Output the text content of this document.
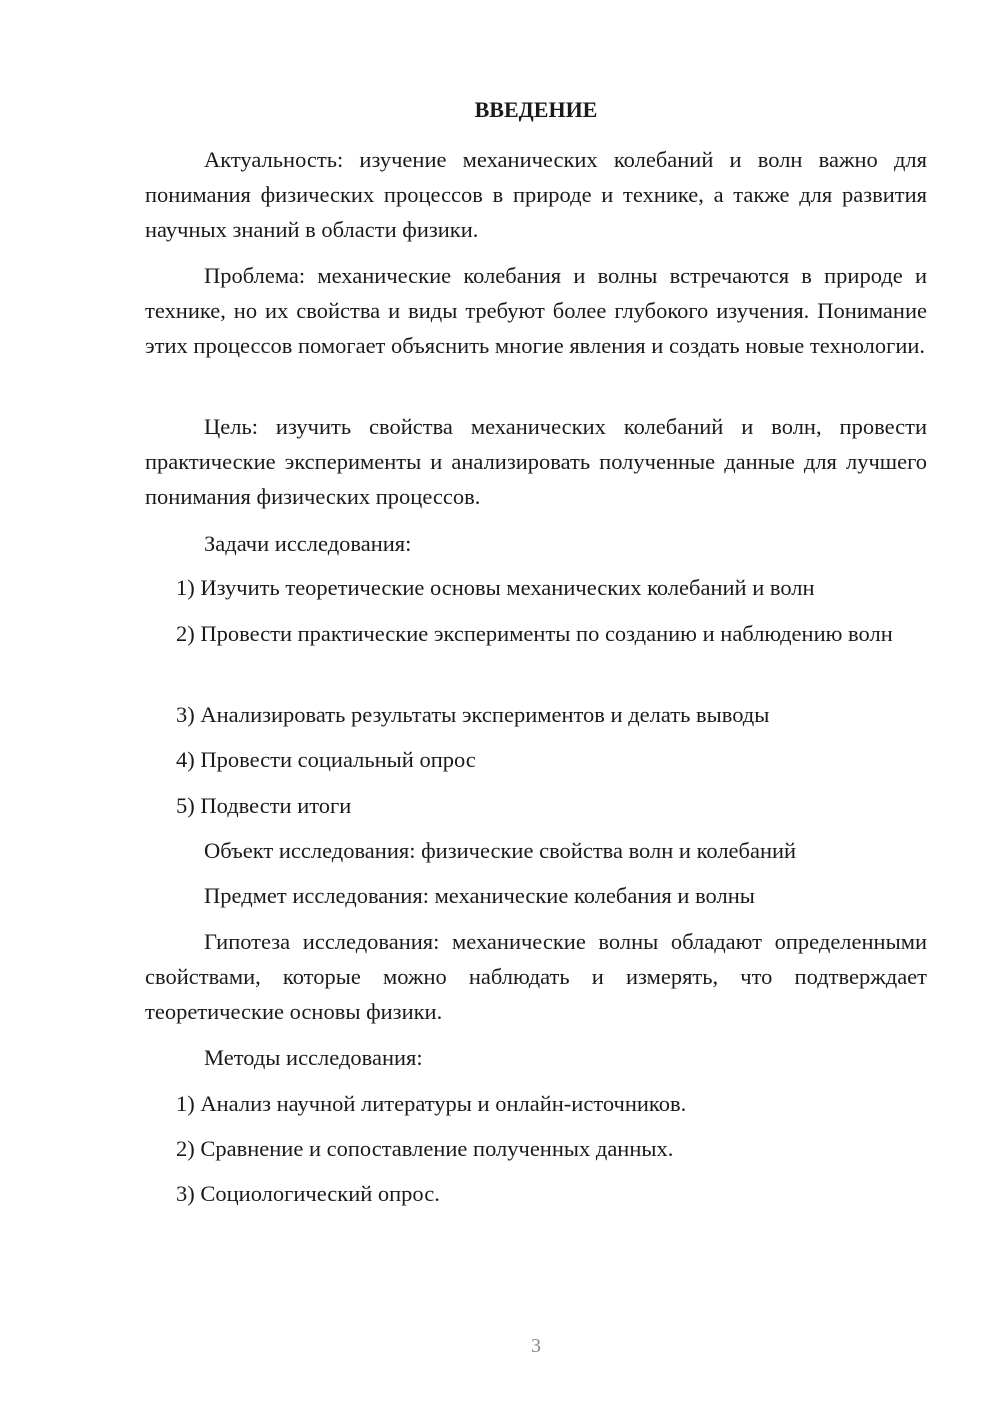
ВВЕДЕНИЕ

Актуальность: изучение механических колебаний и волн важно для понимания физических процессов в природе и технике, а также для развития научных знаний в области физики.

Проблема: механические колебания и волны встречаются в природе и технике, но их свойства и виды требуют более глубокого изучения. Понимание этих процессов помогает объяснить многие явления и создать новые технологии.

Цель: изучить свойства механических колебаний и волн, провести практические эксперименты и анализировать полученные данные для лучшего понимания физических процессов.

Задачи исследования:

1) Изучить теоретические основы механических колебаний и волн

2) Провести практические эксперименты по созданию и наблюдению волн

3) Анализировать результаты экспериментов и делать выводы

4) Провести социальный опрос

5) Подвести итоги

Объект исследования: физические свойства волн и колебаний

Предмет исследования: механические колебания и волны

Гипотеза исследования: механические волны обладают определенными свойствами, которые можно наблюдать и измерять, что подтверждает теоретические основы физики.

Методы исследования:

1) Анализ научной литературы и онлайн-источников.

2) Сравнение и сопоставление полученных данных.

3) Социологический опрос.

3
